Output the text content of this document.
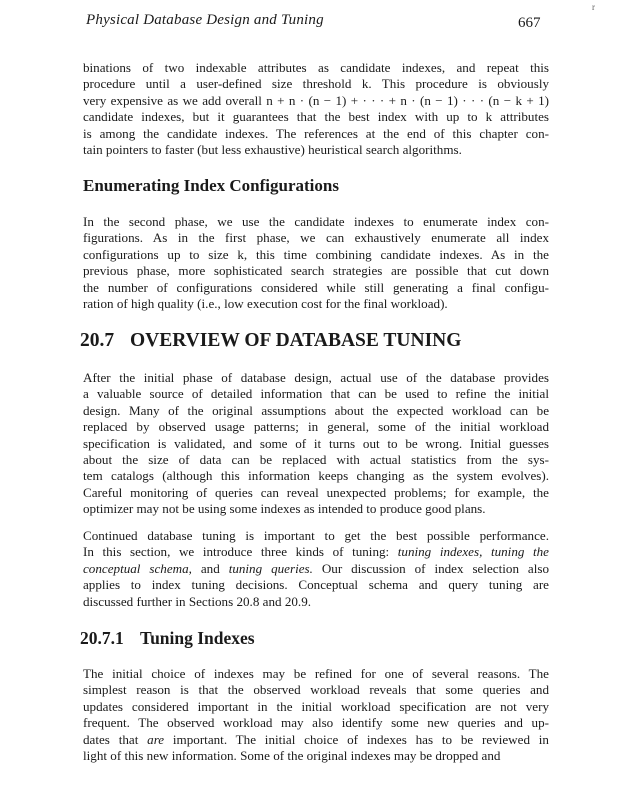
Physical Database Design and Tuning	667
r

binations of two indexable attributes as candidate indexes, and repeat this
procedure until a user-defined size threshold k. This procedure is obviously
very expensive as we add overall n + n · (n − 1) + · · · + n · (n − 1) · · · (n − k + 1)
candidate indexes, but it guarantees that the best index with up to k attributes
is among the candidate indexes. The references at the end of this chapter con-
tain pointers to faster (but less exhaustive) heuristical search algorithms.

Enumerating Index Configurations

In the second phase, we use the candidate indexes to enumerate index con-
figurations. As in the first phase, we can exhaustively enumerate all index
configurations up to size k, this time combining candidate indexes. As in the
previous phase, more sophisticated search strategies are possible that cut down
the number of configurations considered while still generating a final configu-
ration of high quality (i.e., low execution cost for the final workload).

20.7 OVERVIEW OF DATABASE TUNING

After the initial phase of database design, actual use of the database provides
a valuable source of detailed information that can be used to refine the initial
design. Many of the original assumptions about the expected workload can be
replaced by observed usage patterns; in general, some of the initial workload
specification is validated, and some of it turns out to be wrong. Initial guesses
about the size of data can be replaced with actual statistics from the sys-
tem catalogs (although this information keeps changing as the system evolves).
Careful monitoring of queries can reveal unexpected problems; for example, the
optimizer may not be using some indexes as intended to produce good plans.

Continued database tuning is important to get the best possible performance.
In this section, we introduce three kinds of tuning: tuning indexes, tuning the
conceptual schema, and tuning queries. Our discussion of index selection also
applies to index tuning decisions. Conceptual schema and query tuning are
discussed further in Sections 20.8 and 20.9.

20.7.1 Tuning Indexes

The initial choice of indexes may be refined for one of several reasons. The
simplest reason is that the observed workload reveals that some queries and
updates considered important in the initial workload specification are not very
frequent. The observed workload may also identify some new queries and up-
dates that are important. The initial choice of indexes has to be reviewed in
light of this new information. Some of the original indexes may be dropped and
